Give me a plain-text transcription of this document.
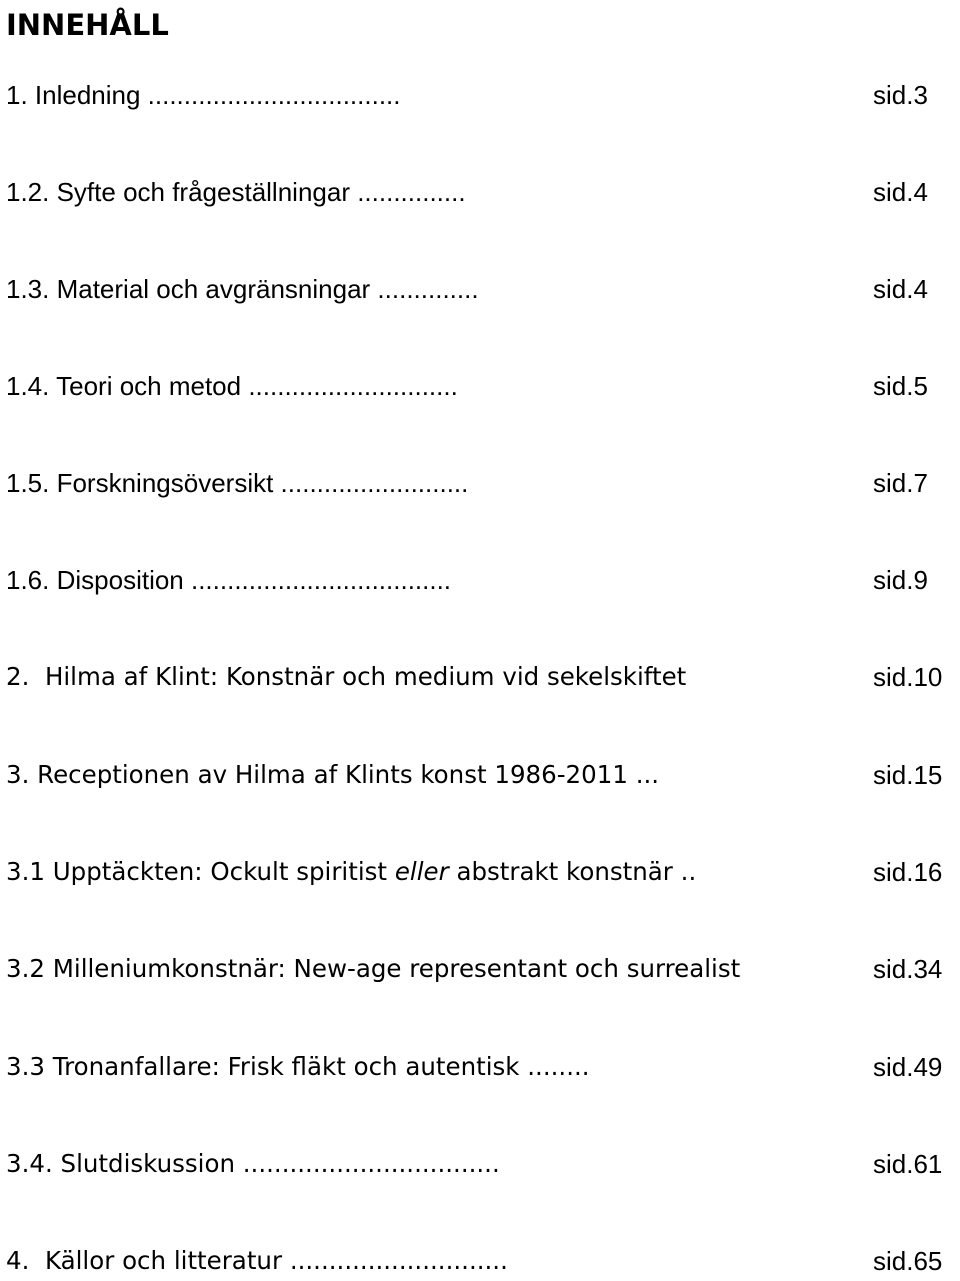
INNEHÅLL
1. Inledning ...................................	sid.3
1.2. Syfte och frågeställningar ...............	sid.4
1.3. Material och avgränsningar ..............	sid.4
1.4. Teori och metod .............................	sid.5
1.5. Forskningsöversikt ..........................	sid.7
1.6. Disposition ....................................	sid.9
2.  Hilma af Klint: Konstnär och medium vid sekelskiftet	sid.10
3. Receptionen av Hilma af Klints konst 1986-2011 ...	sid.15
3.1 Upptäckten: Ockult spiritist eller abstrakt konstnär ..	sid.16
3.2 Milleniumkonstnär: New-age representant och surrealist	sid.34
3.3 Tronanfallare: Frisk fläkt och autentisk ........	sid.49
3.4. Slutdiskussion .................................	sid.61
4.  Källor och litteratur ............................	sid.65
